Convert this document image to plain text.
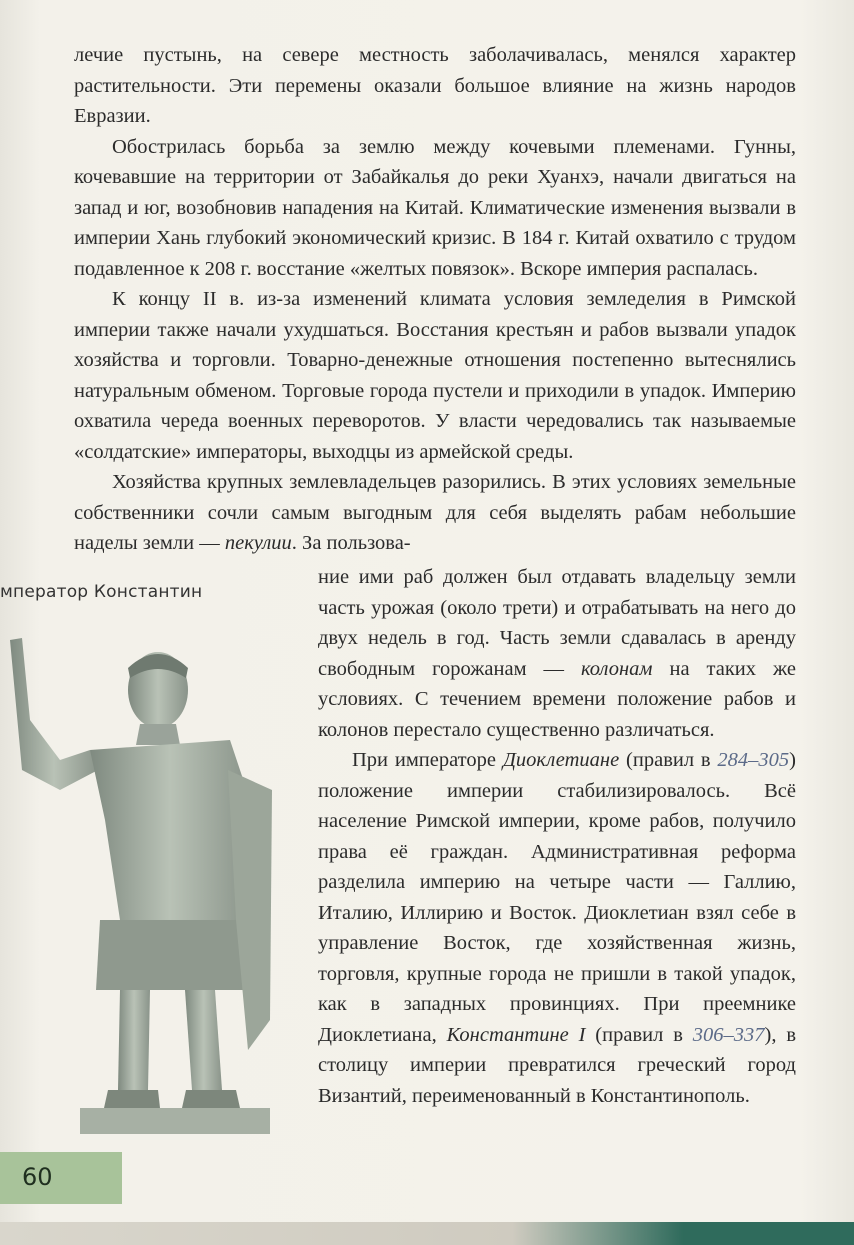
лечие пустынь, на севере местность заболачивалась, менялся характер растительности. Эти перемены оказали большое влияние на жизнь народов Евразии.

Обострилась борьба за землю между кочевыми племенами. Гунны, кочевавшие на территории от Забайкалья до реки Хуанхэ, начали двигаться на запад и юг, возобновив нападения на Китай. Климатические изменения вызвали в империи Хань глубокий экономический кризис. В 184 г. Китай охватило с трудом подавленное к 208 г. восстание «желтых повязок». Вскоре империя распалась.

К концу II в. из-за изменений климата условия земледелия в Римской империи также начали ухудшаться. Восстания крестьян и рабов вызвали упадок хозяйства и торговли. Товарно-денежные отношения постепенно вытеснялись натуральным обменом. Торговые города пустели и приходили в упадок. Империю охватила череда военных переворотов. У власти чередовались так называемые «солдатские» императоры, выходцы из армейской среды.

Хозяйства крупных землевладельцев разорились. В этих условиях земельные собственники сочли самым выгодным для себя выделять рабам небольшие наделы земли — пекулии. За пользова-

мператор Константин

ние ими раб должен был отдавать владельцу земли часть урожая (около трети) и отрабатывать на него до двух недель в год. Часть земли сдавалась в аренду свободным горожанам — колонам на таких же условиях. С течением времени положение рабов и колонов перестало существенно различаться.

При императоре Диоклетиане (правил в 284–305) положение империи стабилизировалось. Всё население Римской империи, кроме рабов, получило права её граждан. Административная реформа разделила империю на четыре части — Галлию, Италию, Иллирию и Восток. Диоклетиан взял себе в управление Восток, где хозяйственная жизнь, торговля, крупные города не пришли в такой упадок, как в западных провинциях. При преемнике Диоклетиана, Константине I (правил в 306–337), в столицу империи превратился греческий город Византий, переименованный в Константинополь.

60
